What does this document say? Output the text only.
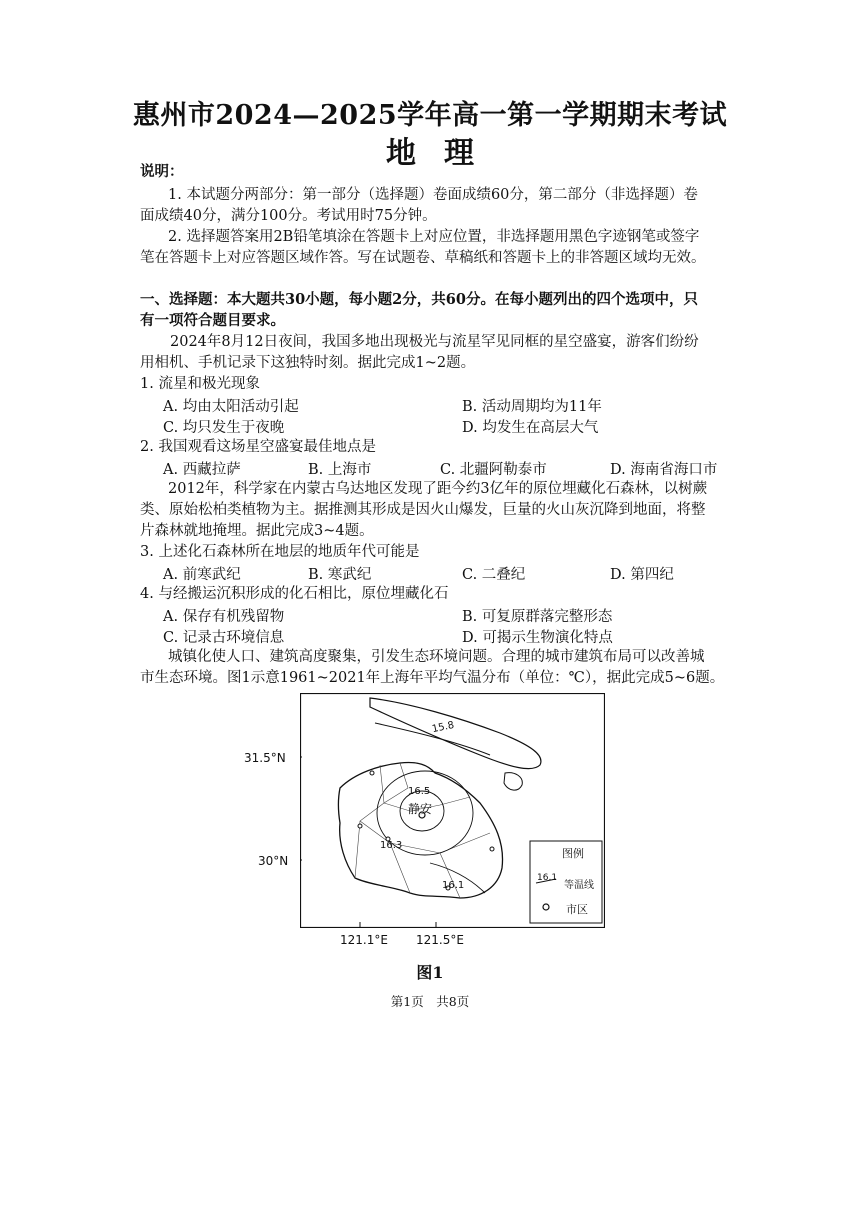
惠州市2024—2025学年高一第一学期期末考试
地 理
说明：
1. 本试题分两部分：第一部分（选择题）卷面成绩60分，第二部分（非选择题）卷
面成绩40分，满分100分。考试用时75分钟。
2. 选择题答案用2B铅笔填涂在答题卡上对应位置，非选择题用黑色字迹钢笔或签字
笔在答题卡上对应答题区域作答。写在试题卷、草稿纸和答题卡上的非答题区域均无效。
一、选择题：本大题共30小题，每小题2分，共60分。在每小题列出的四个选项中，只
有一项符合题目要求。
2024年8月12日夜间，我国多地出现极光与流星罕见同框的星空盛宴，游客们纷纷
用相机、手机记录下这独特时刻。据此完成1~2题。
1. 流星和极光现象
A. 均由太阳活动引起	B. 活动周期均为11年
C. 均只发生于夜晚	D. 均发生在高层大气
2. 我国观看这场星空盛宴最佳地点是
A. 西藏拉萨	B. 上海市	C. 北疆阿勒泰市	D. 海南省海口市
2012年，科学家在内蒙古乌达地区发现了距今约3亿年的原位埋藏化石森林，以树蕨
类、原始松柏类植物为主。据推测其形成是因火山爆发，巨量的火山灰沉降到地面，将整
片森林就地掩埋。据此完成3~4题。
3. 上述化石森林所在地层的地质年代可能是
A. 前寒武纪	B. 寒武纪	C. 二叠纪	D. 第四纪
4. 与经搬运沉积形成的化石相比，原位埋藏化石
A. 保存有机残留物	B. 可复原群落完整形态
C. 记录古环境信息	D. 可揭示生物演化特点
城镇化使人口、建筑高度聚集，引发生态环境问题。合理的城市建筑布局可以改善城
市生态环境。图1示意1961~2021年上海年平均气温分布（单位：℃），据此完成5~6题。
31.5°N
30°N
121.1°E 121.5°E
15.8
16.5
16.3
16.1
静安
图例
16.1
等温线
市区
图1
第1页　共8页
